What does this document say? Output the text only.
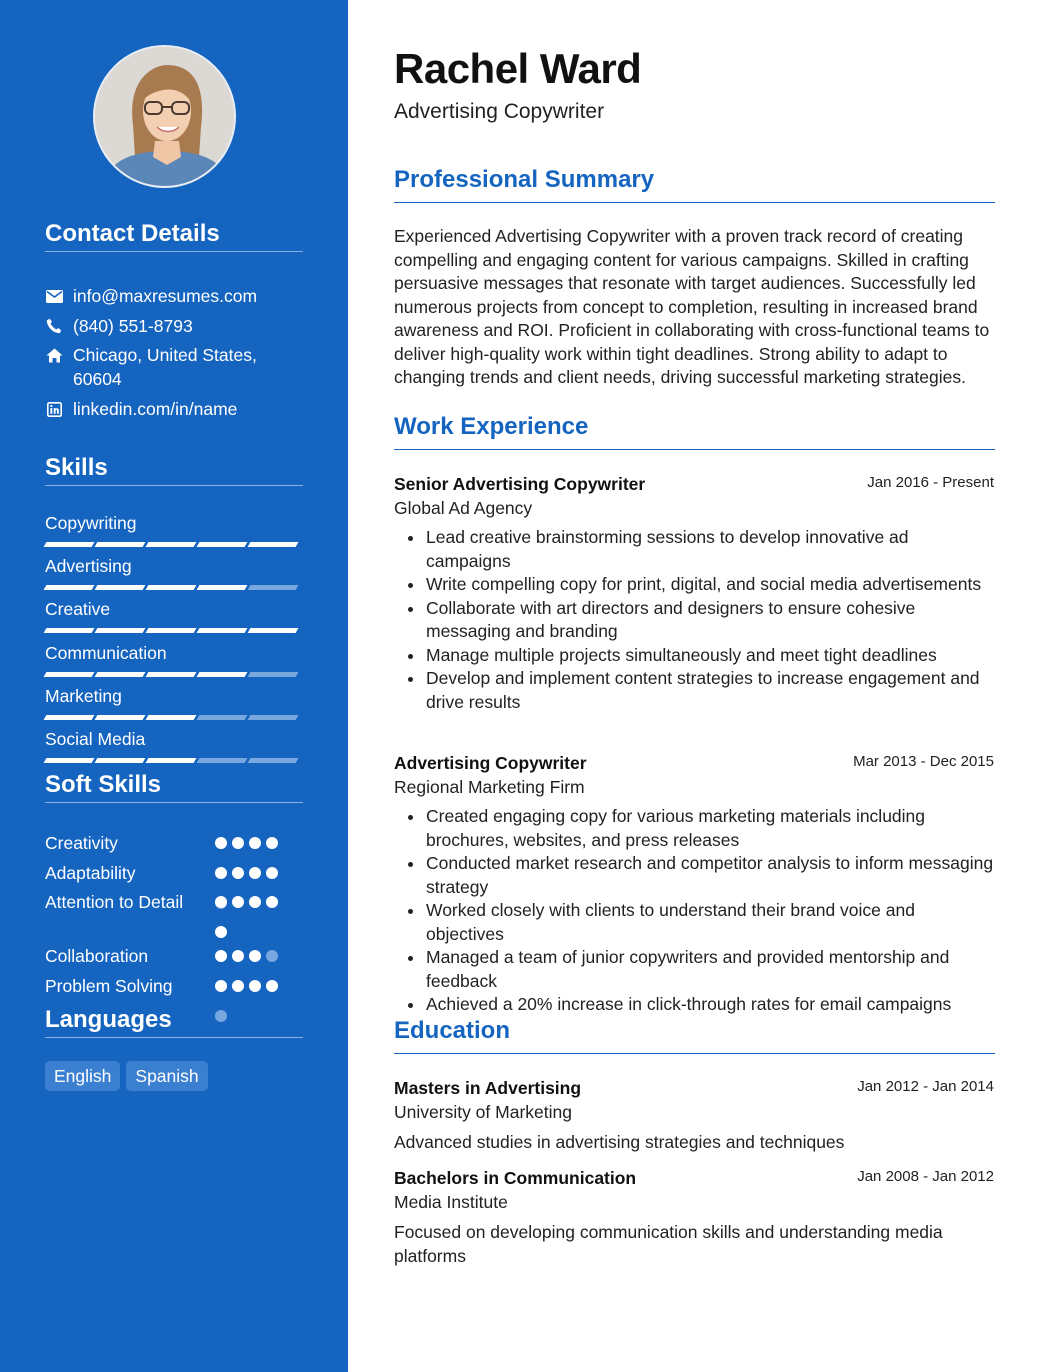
Contact Details
info@maxresumes.com
(840) 551-8793
Chicago, United States, 60604
linkedin.com/in/name
Skills
Copywriting
Advertising
Creative
Communication
Marketing
Social Media
Soft Skills
Creativity
Adaptability
Attention to Detail
Collaboration
Problem Solving
Languages
English	Spanish
Rachel Ward
Advertising Copywriter
Professional Summary

Experienced Advertising Copywriter with a proven track record of creating compelling and engaging content for various campaigns. Skilled in crafting persuasive messages that resonate with target audiences. Successfully led numerous projects from concept to completion, resulting in increased brand awareness and ROI. Proficient in collaborating with cross-functional teams to deliver high-quality work within tight deadlines. Strong ability to adapt to changing trends and client needs, driving successful marketing strategies.

Work Experience
Senior Advertising Copywriter	Jan 2016 - Present
Global Ad Agency
Lead creative brainstorming sessions to develop innovative ad campaigns
Write compelling copy for print, digital, and social media advertisements
Collaborate with art directors and designers to ensure cohesive messaging and branding
Manage multiple projects simultaneously and meet tight deadlines
Develop and implement content strategies to increase engagement and drive results
Advertising Copywriter	Mar 2013 - Dec 2015
Regional Marketing Firm
Created engaging copy for various marketing materials including brochures, websites, and press releases
Conducted market research and competitor analysis to inform messaging strategy
Worked closely with clients to understand their brand voice and objectives
Managed a team of junior copywriters and provided mentorship and feedback
Achieved a 20% increase in click-through rates for email campaigns
Education
Masters in Advertising	Jan 2012 - Jan 2014
University of Marketing
Advanced studies in advertising strategies and techniques
Bachelors in Communication	Jan 2008 - Jan 2012
Media Institute
Focused on developing communication skills and understanding media platforms
